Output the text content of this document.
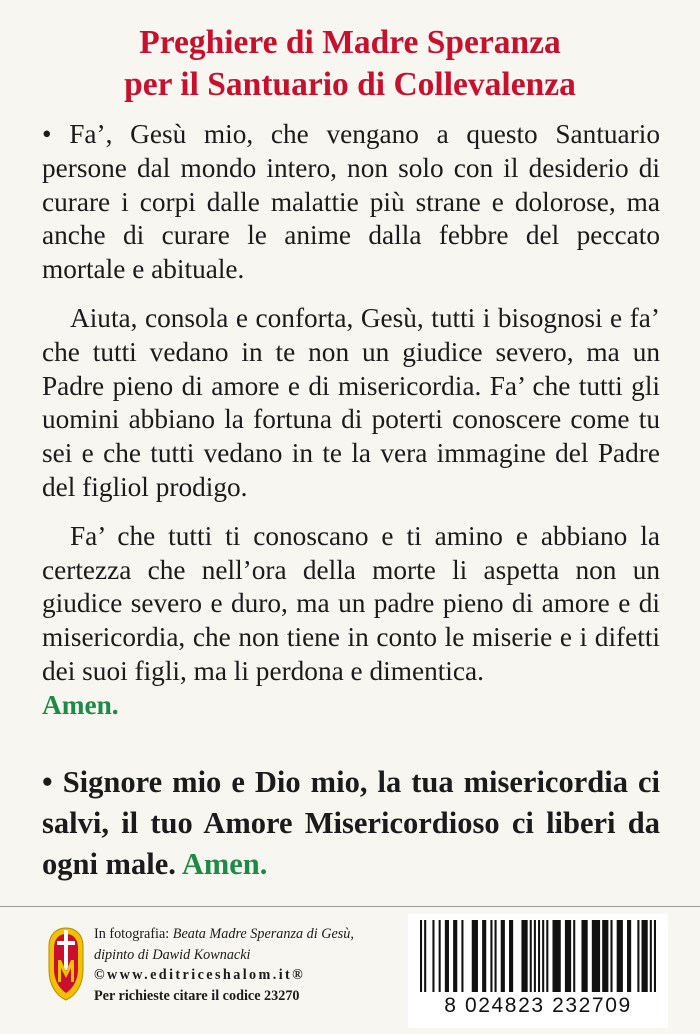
Preghiere di Madre Speranza
per il Santuario di Collevalenza

• Fa’, Gesù mio, che vengano a questo Santuario persone dal mondo intero, non solo con il desiderio di curare i corpi dalle malattie più strane e dolorose, ma anche di curare le anime dalla febbre del peccato mortale e abituale.

Aiuta, consola e conforta, Gesù, tutti i bisognosi e fa’ che tutti vedano in te non un giudice severo, ma un Padre pieno di amore e di misericordia. Fa’ che tutti gli uomini abbiano la fortuna di poterti conoscere come tu sei e che tutti vedano in te la vera immagine del Padre del figliol prodigo.

Fa’ che tutti ti conoscano e ti amino e abbiano la certezza che nell’ora della morte li aspetta non un giudice severo e duro, ma un padre pieno di amore e di misericordia, che non tiene in conto le miserie e i difetti dei suoi figli, ma li perdona e dimentica.
Amen.

• Signore mio e Dio mio, la tua misericordia ci salvi, il tuo Amore Misericordioso ci liberi da ogni male. Amen.

In fotografia: Beata Madre Speranza di Gesù,
dipinto di Dawid Kownacki
©www.editriceshalom.it®
Per richieste citare il codice 23270	8 024823 232709
